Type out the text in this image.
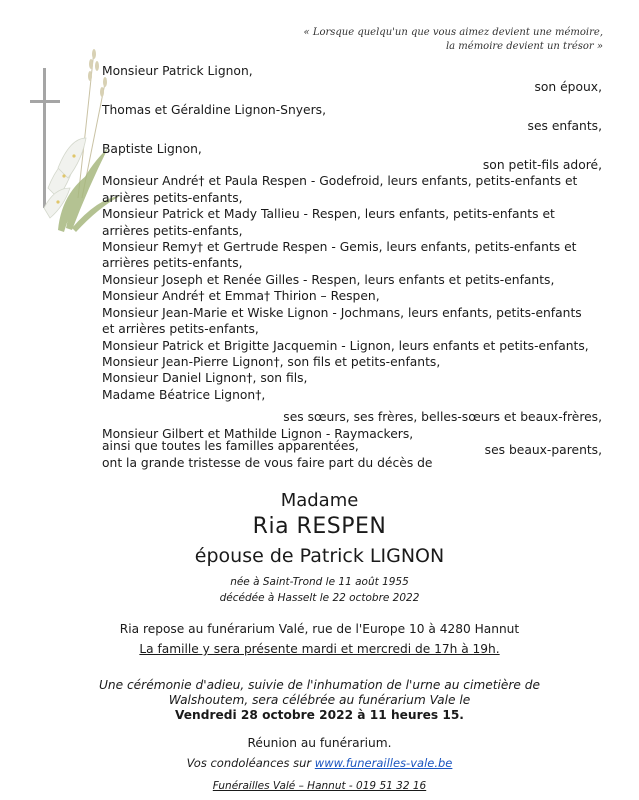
« Lorsque quelqu'un que vous aimez devient une mémoire,
la mémoire devient un trésor »
Monsieur Patrick Lignon,
son époux,
Thomas et Géraldine Lignon-Snyers,
ses enfants,
Baptiste Lignon,
son petit-fils adoré,
Monsieur André† et Paula Respen - Godefroid, leurs enfants, petits-enfants et
arrières petits-enfants,
Monsieur Patrick et Mady Tallieu - Respen, leurs enfants, petits-enfants et
arrières petits-enfants,
Monsieur Remy† et Gertrude Respen - Gemis, leurs enfants, petits-enfants et
arrières petits-enfants,
Monsieur Joseph et Renée Gilles - Respen, leurs enfants et petits-enfants,
Monsieur André† et Emma† Thirion – Respen,
Monsieur Jean-Marie et Wiske Lignon - Jochmans, leurs enfants, petits-enfants
et arrières petits-enfants,
Monsieur Patrick et Brigitte Jacquemin - Lignon, leurs enfants et petits-enfants,
Monsieur Jean-Pierre Lignon†, son fils et petits-enfants,
Monsieur Daniel Lignon†, son fils,
Madame Béatrice Lignon†,
ses sœurs, ses frères, belles-sœurs et beaux-frères,
Monsieur Gilbert et Mathilde Lignon - Raymackers,
ses beaux-parents,
ainsi que toutes les familles apparentées,
ont la grande tristesse de vous faire part du décès de
Madame
Ria RESPEN
épouse de Patrick LIGNON
née à Saint-Trond le 11 août 1955
décédée à Hasselt le 22 octobre 2022
Ria repose au funérarium Valé, rue de l'Europe 10 à 4280 Hannut
La famille y sera présente mardi et mercredi de 17h à 19h.
Une cérémonie d'adieu, suivie de l'inhumation de l'urne au cimetière de
Walshoutem, sera célébrée au funérarium Vale le
Vendredi 28 octobre 2022 à 11 heures 15.
Réunion au funérarium.
Vos condoléances sur www.funerailles-vale.be
Funérailles Valé – Hannut - 019 51 32 16
